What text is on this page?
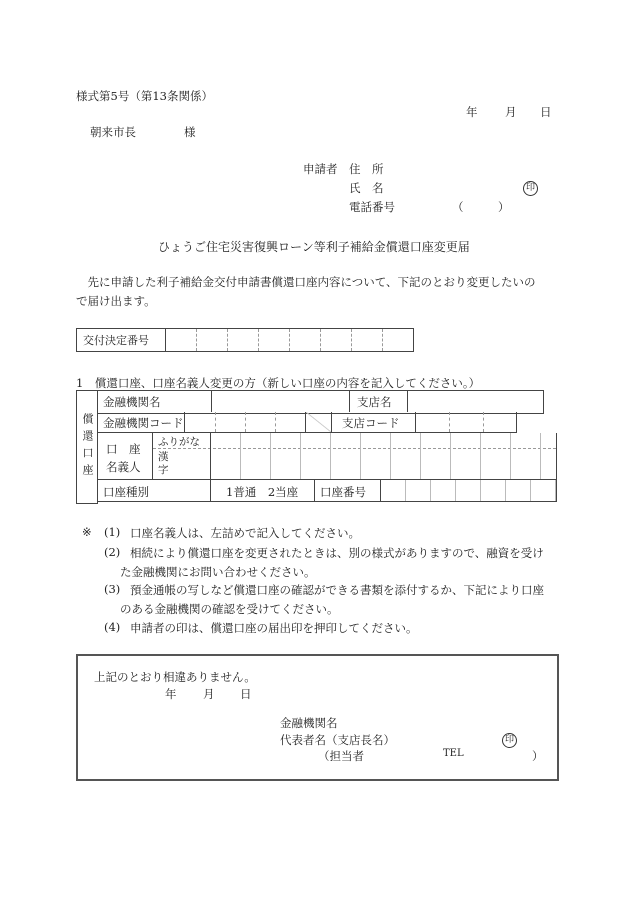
様式第5号（第13条関係）
年 月 日
朝来市長	様
申請者 住　所
氏　名	印
電話番号	（　　　）
ひょうご住宅災害復興ローン等利子補給金償還口座変更届
　先に申請した利子補給金交付申請書償還口座内容について、下記のとおり変更したいの
で届け出ます。
交付決定番号								
1　償還口座、口座名義人変更の方（新しい口座の内容を記入してください。）
償還口座
金融機関名	支店名
金融機関コード	支店コード
口　座
名義人
ふりがな
漢字
口座種別	1普通　2当座 口座番号
※ (1) 口座名義人は、左詰めで記入してください。
(2) 相続により償還口座を変更されたときは、別の様式がありますので、融資を受け
た金融機関にお問い合わせください。
(3) 預金通帳の写しなど償還口座の確認ができる書類を添付するか、下記により口座
のある金融機関の確認を受けてください。
(4) 申請者の印は、償還口座の届出印を押印してください。
上記のとおり相違ありません。
年 月 日
金融機関名
代表者名（支店長名）	印
（担当者	TEL	）
